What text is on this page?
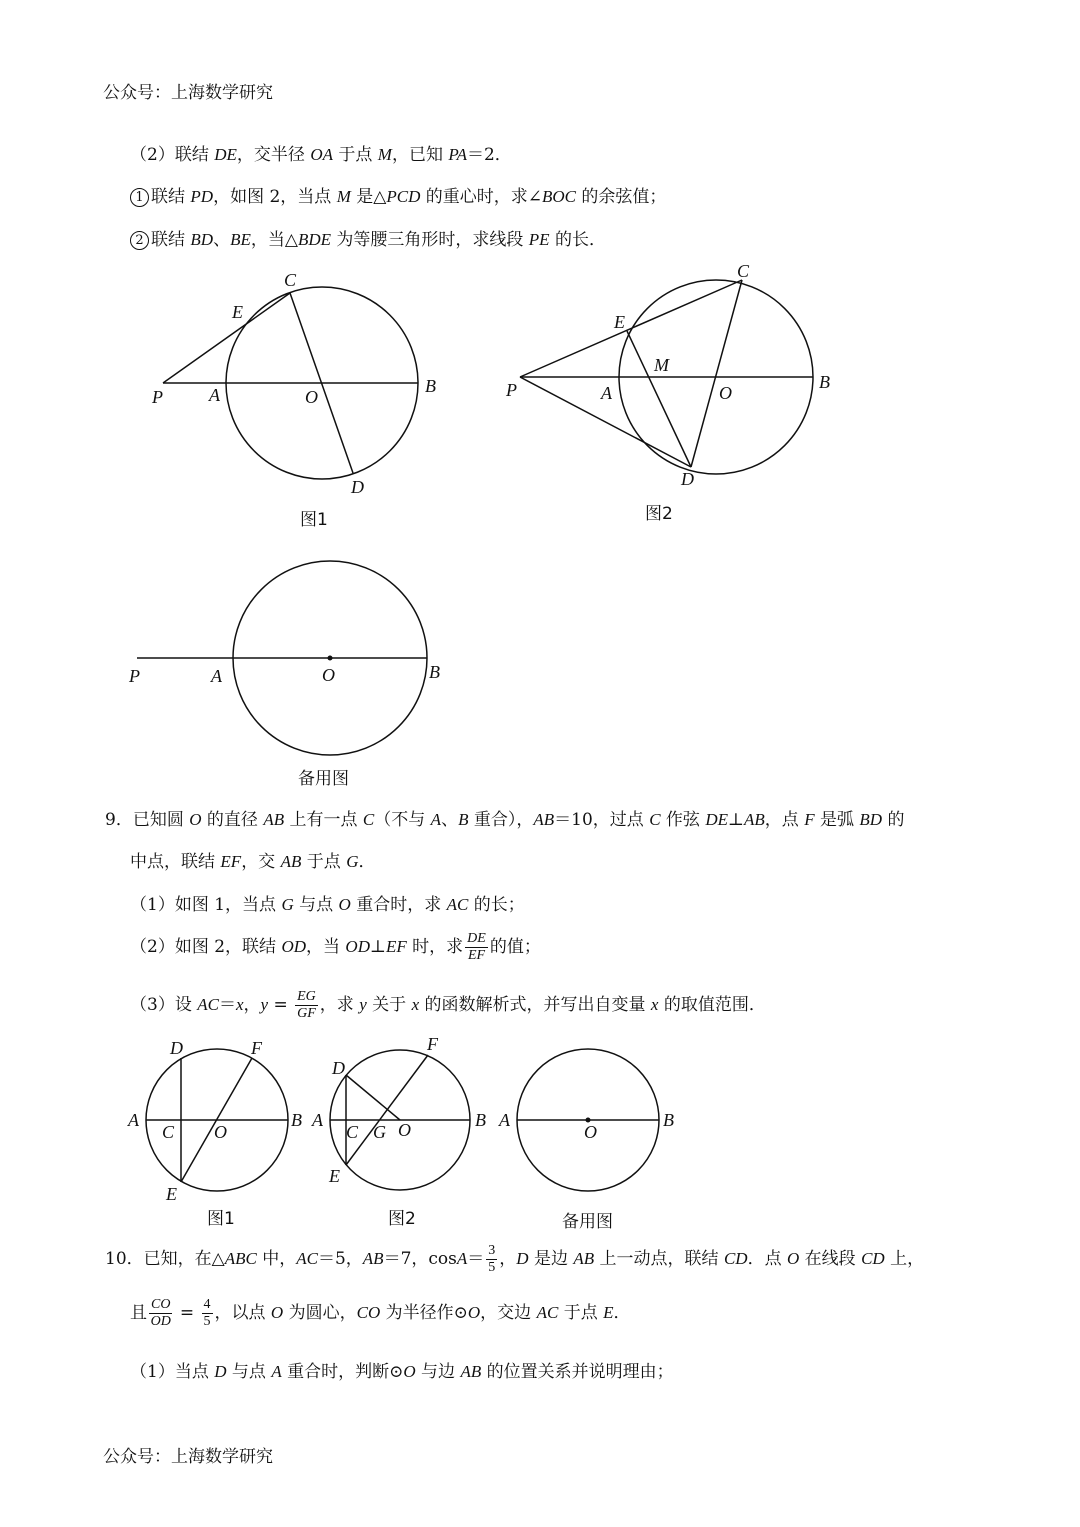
公众号：上海数学研究
（2）联结 DE，交半径 OA 于点 M，已知 PA＝2．
1 联结 PD，如图 2，当点 M 是△PCD 的重心时，求∠BOC 的余弦值；
2 联结 BD、BE，当△BDE 为等腰三角形时，求线段 PE 的长．
P
E
C
A	O
B
D
图1
P
E
C
M
A	O
B
D
图2
P	A	O	B
备用图
9．已知圆 O 的直径 AB 上有一点 C（不与 A、B 重合），AB＝10，过点 C 作弦 DE⊥AB，点 F 是弧 BD 的
中点，联结 EF，交 AB 于点 G．
（1）如图 1，当点 G 与点 O 重合时，求 AC 的长；
（2）如图 2，联结 OD，当 OD⊥EF 时，求 $\frac{DE}{EF}$ 的值；
（3）设 AC＝x，$y = \frac{EG}{GF}$ ，求 y 关于 x 的函数解析式，并写出自变量 x 的取值范围．
D	F
A
C O
B
E
图1
D
F
A
C G O	B
E
图2
A
O
B
备用图
10．已知，在△ABC 中，AC＝5，AB＝7，$\cos A= \frac{3}{5}$ ，D 是边 AB 上一动点，联结 CD．点 O 在线段 CD 上，
且 $\frac{CO}{OD} = \frac{4}{5}$ ，以点 O 为圆心，CO 为半径作⊙O，交边 AC 于点 E．
（1）当点 D 与点 A 重合时，判断⊙O 与边 AB 的位置关系并说明理由；
公众号：上海数学研究
